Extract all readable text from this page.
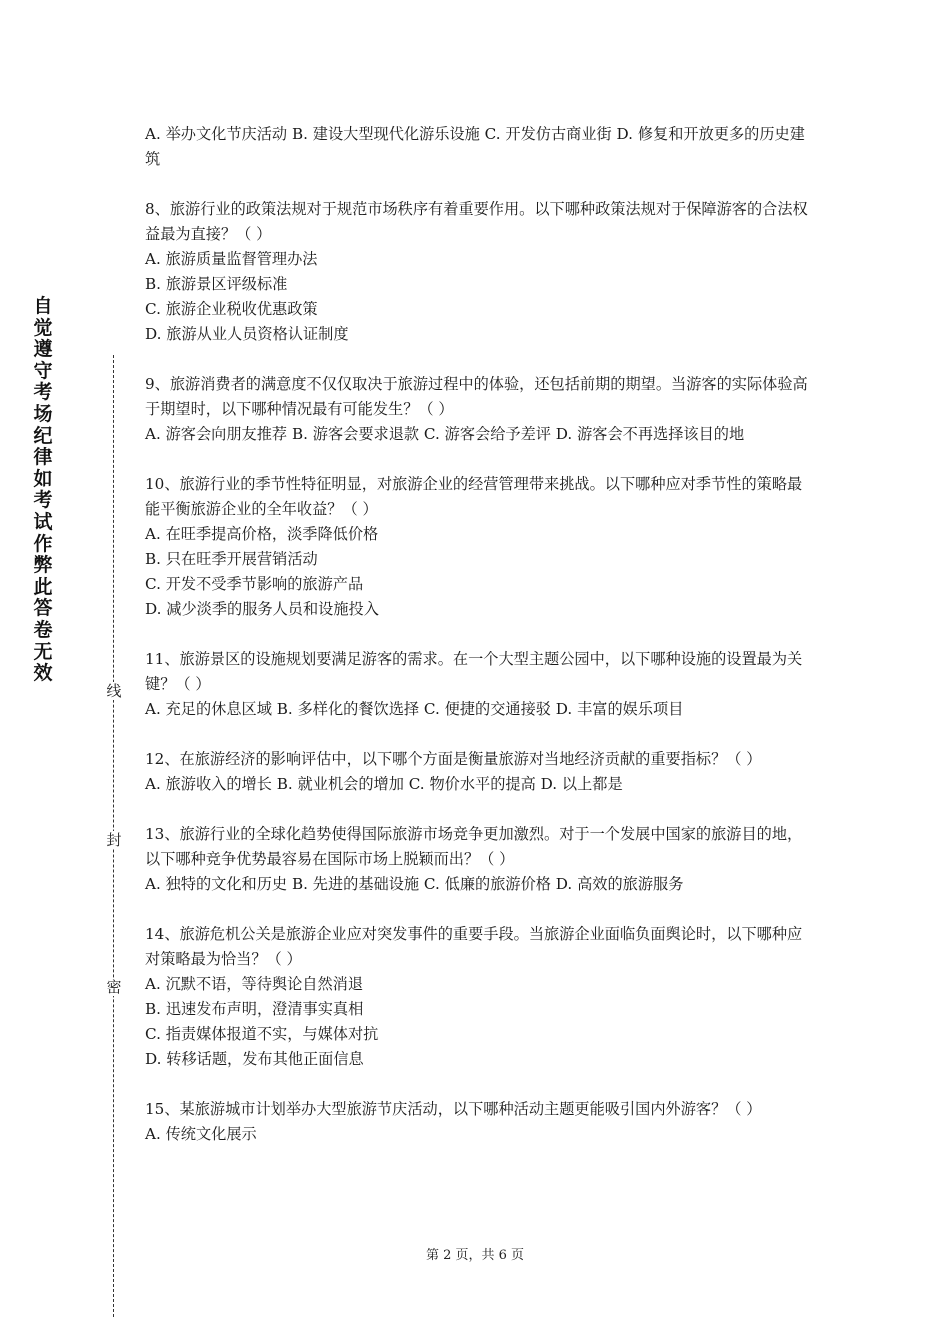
自
觉
遵
守
考
场
纪
律
如
考
试
作
弊
此
答
卷
无
效
线
封
密

A. 举办文化节庆活动 B. 建设大型现代化游乐设施 C. 开发仿古商业街 D. 修复和开放更多的历史建筑

8、旅游行业的政策法规对于规范市场秩序有着重要作用。以下哪种政策法规对于保障游客的合法权益最为直接？（ ）

A. 旅游质量监督管理办法

B. 旅游景区评级标准

C. 旅游企业税收优惠政策

D. 旅游从业人员资格认证制度

9、旅游消费者的满意度不仅仅取决于旅游过程中的体验，还包括前期的期望。当游客的实际体验高于期望时，以下哪种情况最有可能发生？（ ）

A. 游客会向朋友推荐 B. 游客会要求退款 C. 游客会给予差评 D. 游客会不再选择该目的地

10、旅游行业的季节性特征明显，对旅游企业的经营管理带来挑战。以下哪种应对季节性的策略最能平衡旅游企业的全年收益？（ ）

A. 在旺季提高价格，淡季降低价格

B. 只在旺季开展营销活动

C. 开发不受季节影响的旅游产品

D. 减少淡季的服务人员和设施投入

11、旅游景区的设施规划要满足游客的需求。在一个大型主题公园中，以下哪种设施的设置最为关键？（ ）

A. 充足的休息区域 B. 多样化的餐饮选择 C. 便捷的交通接驳 D. 丰富的娱乐项目

12、在旅游经济的影响评估中，以下哪个方面是衡量旅游对当地经济贡献的重要指标？（ ）

A. 旅游收入的增长 B. 就业机会的增加 C. 物价水平的提高 D. 以上都是

13、旅游行业的全球化趋势使得国际旅游市场竞争更加激烈。对于一个发展中国家的旅游目的地，以下哪种竞争优势最容易在国际市场上脱颖而出？（ ）

A. 独特的文化和历史 B. 先进的基础设施 C. 低廉的旅游价格 D. 高效的旅游服务

14、旅游危机公关是旅游企业应对突发事件的重要手段。当旅游企业面临负面舆论时，以下哪种应对策略最为恰当？（ ）

A. 沉默不语，等待舆论自然消退

B. 迅速发布声明，澄清事实真相

C. 指责媒体报道不实，与媒体对抗

D. 转移话题，发布其他正面信息

15、某旅游城市计划举办大型旅游节庆活动，以下哪种活动主题更能吸引国内外游客？（ ）

A. 传统文化展示

第 2 页，共 6 页
